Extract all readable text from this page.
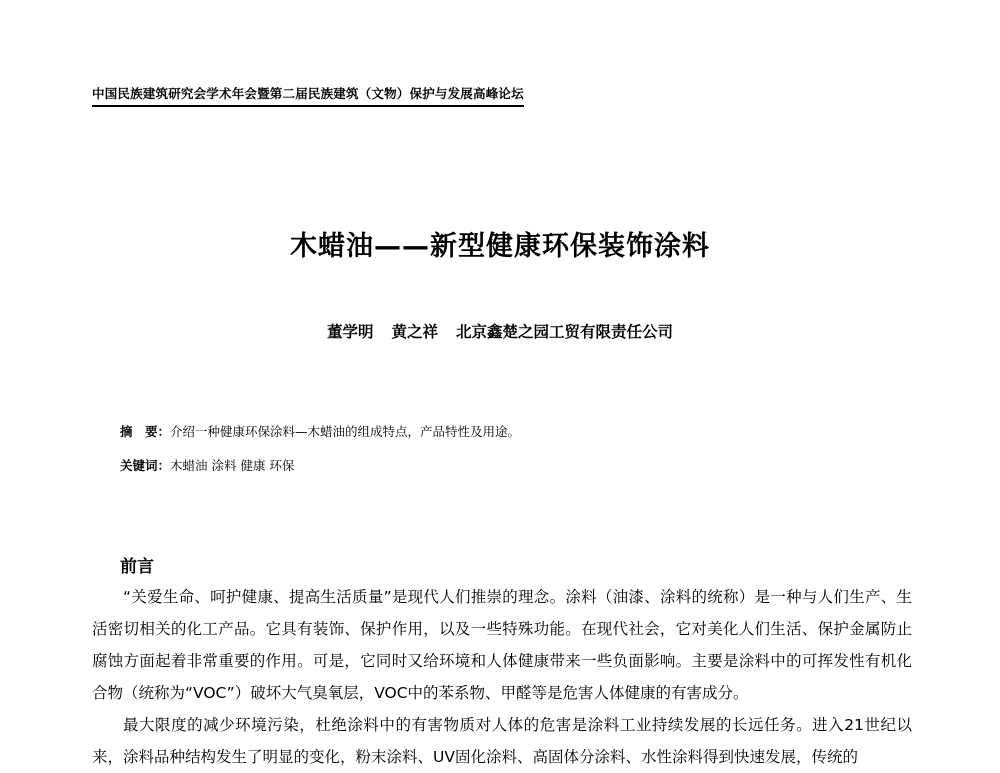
中国民族建筑研究会学术年会暨第二届民族建筑（文物）保护与发展高峰论坛
木蜡油——新型健康环保装饰涂料
董学明 黄之祥 北京鑫楚之园工贸有限责任公司
摘　要：介绍一种健康环保涂料—木蜡油的组成特点，产品特性及用途。
关键词：木蜡油 涂料 健康 环保
前言

“关爱生命、呵护健康、提高生活质量”是现代人们推崇的理念。涂料（油漆、涂料的统称）是一种与人们生产、生活密切相关的化工产品。它具有装饰、保护作用，以及一些特殊功能。在现代社会，它对美化人们生活、保护金属防止腐蚀方面起着非常重要的作用。可是，它同时又给环境和人体健康带来一些负面影响。主要是涂料中的可挥发性有机化合物（统称为“VOC”）破坏大气臭氧层，VOC中的苯系物、甲醛等是危害人体健康的有害成分。

最大限度的减少环境污染，杜绝涂料中的有害物质对人体的危害是涂料工业持续发展的长远任务。进入21世纪以来，涂料品种结构发生了明显的变化，粉末涂料、UV固化涂料、高固体分涂料、水性涂料得到快速发展，传统的
